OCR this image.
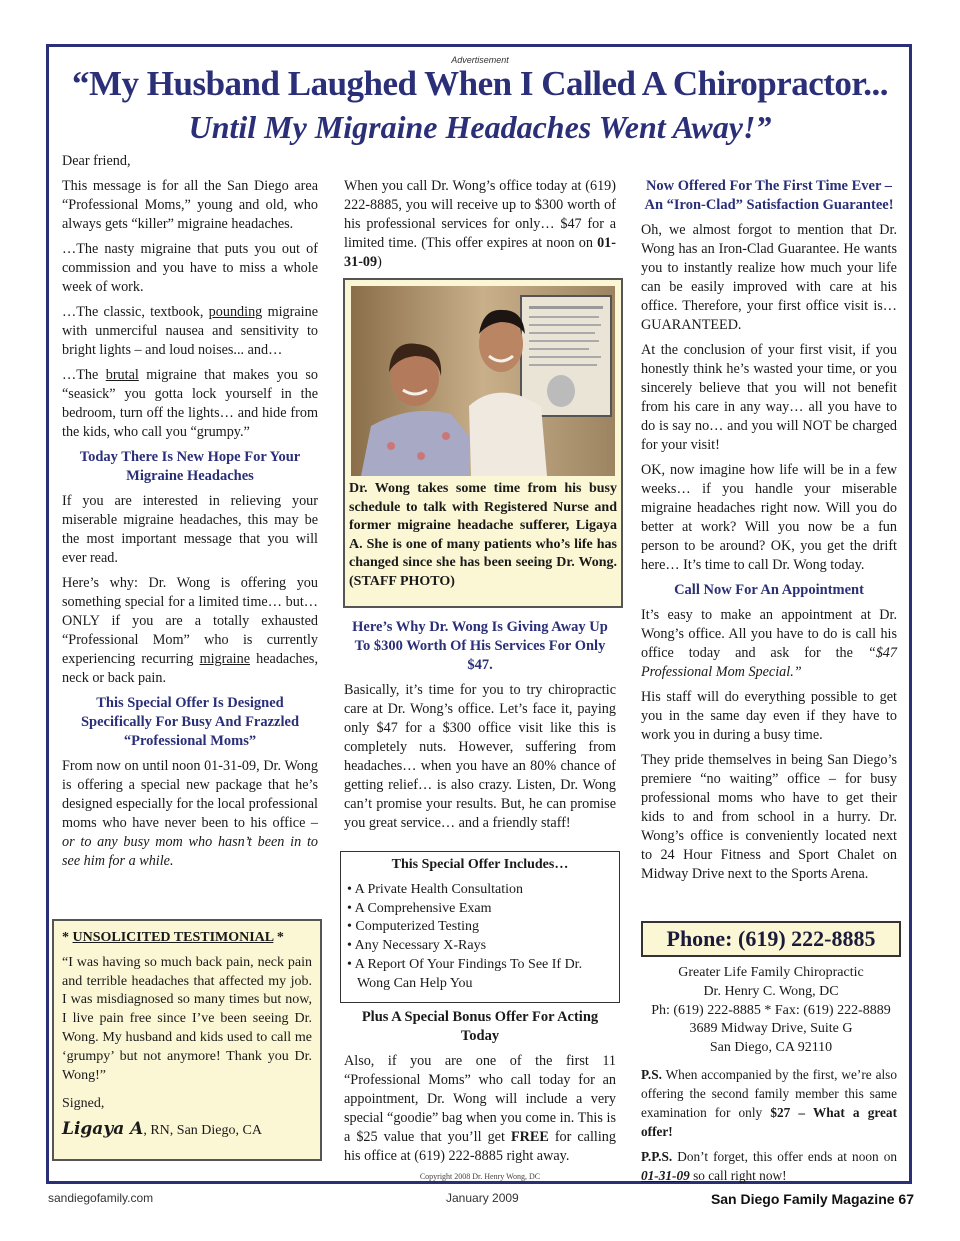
Advertisement
“My Husband Laughed When I Called A Chiropractor...
Until My Migraine Headaches Went Away!”

Dear friend,

This message is for all the San Diego area “Professional Moms,” young and old, who always gets “killer” migraine headaches.

…The nasty migraine that puts you out of commission and you have to miss a whole week of work.

…The classic, textbook, pounding migraine with unmerciful nausea and sensitivity to bright lights – and loud noises... and…

…The brutal migraine that makes you so “seasick” you gotta lock yourself in the bedroom, turn off the lights… and hide from the kids, who call you “grumpy.”

Today There Is New Hope For Your Migraine Headaches

If you are interested in relieving your miserable migraine headaches, this may be the most important message that you will ever read.

Here’s why: Dr. Wong is offering you something special for a limited time… but… ONLY if you are a totally exhausted “Professional Mom” who is currently experiencing recurring migraine headaches, neck or back pain.

This Special Offer Is Designed Specifically For Busy And Frazzled “Professional Moms”

From now on until noon 01-31-09, Dr. Wong is offering a special new package that he’s designed especially for the local professional moms who have never been to his office – or to any busy mom who hasn’t been in to see him for a while.

* UNSOLICITED TESTIMONIAL *

“I was having so much back pain, neck pain and terrible headaches that affected my job. I was misdiagnosed so many times but now, I live pain free since I’ve been seeing Dr. Wong. My husband and kids used to call me ‘grumpy’ but not anymore! Thank you Dr. Wong!”

Signed,

Ligaya A, RN, San Diego, CA

When you call Dr. Wong’s office today at (619) 222-8885, you will receive up to $300 worth of his professional services for only… $47 for a limited time. (This offer expires at noon on 01-31-09)

Dr. Wong takes some time from his busy schedule to talk with Registered Nurse and former migraine headache sufferer, Ligaya A. She is one of many patients who’s life has changed since she has been seeing Dr. Wong. (STAFF PHOTO)
Here’s Why Dr. Wong Is Giving Away Up To $300 Worth Of His Services For Only $47.

Basically, it’s time for you to try chiropractic care at Dr. Wong’s office. Let’s face it, paying only $47 for a $300 office visit like this is completely nuts. However, suffering from headaches… when you have an 80% chance of getting relief… is also crazy. Listen, Dr. Wong can’t promise your results. But, he can promise you great service… and a friendly staff!

This Special Offer Includes…
• A Private Health Consultation
• A Comprehensive Exam
• Computerized Testing
• Any Necessary X-Rays
• A Report Of Your Findings To See If Dr. Wong Can Help You
Plus A Special Bonus Offer For Acting Today

Also, if you are one of the first 11 “Professional Moms” who call today for an appointment, Dr. Wong will include a very special “goodie” bag when you come in. This is a $25 value that you’ll get FREE for calling his office at (619) 222-8885 right away.

Now Offered For The First Time Ever – An “Iron-Clad” Satisfaction Guarantee!

Oh, we almost forgot to mention that Dr. Wong has an Iron-Clad Guarantee. He wants you to instantly realize how much your life can be easily improved with care at his office. Therefore, your first office visit is… GUARANTEED.

At the conclusion of your first visit, if you honestly think he’s wasted your time, or you sincerely believe that you will not benefit from his care in any way… all you have to do is say no… and you will NOT be charged for your visit!

OK, now imagine how life will be in a few weeks… if you handle your miserable migraine headaches right now. Will you do better at work? Will you now be a fun person to be around? OK, you get the drift here… It’s time to call Dr. Wong today.

Call Now For An Appointment

It’s easy to make an appointment at Dr. Wong’s office. All you have to do is call his office today and ask for the “$47 Professional Mom Special.”

His staff will do everything possible to get you in the same day even if they have to work you in during a busy time.

They pride themselves in being San Diego’s premiere “no waiting” office – for busy professional moms who have to get their kids to and from school in a hurry. Dr. Wong’s office is conveniently located next to 24 Hour Fitness and Sport Chalet on Midway Drive next to the Sports Arena.

Phone: (619) 222-8885
Greater Life Family Chiropractic
Dr. Henry C. Wong, DC
Ph: (619) 222-8885 * Fax: (619) 222-8889
3689 Midway Drive, Suite G
San Diego, CA 92110

P.S. When accompanied by the first, we’re also offering the second family member this same examination for only $27 – What a great offer!

P.P.S. Don’t forget, this offer ends at noon on 01-31-09 so call right now!

Copyright 2008 Dr. Henry Wong, DC
sandiegofamily.com	January 2009	San Diego Family Magazine 67
